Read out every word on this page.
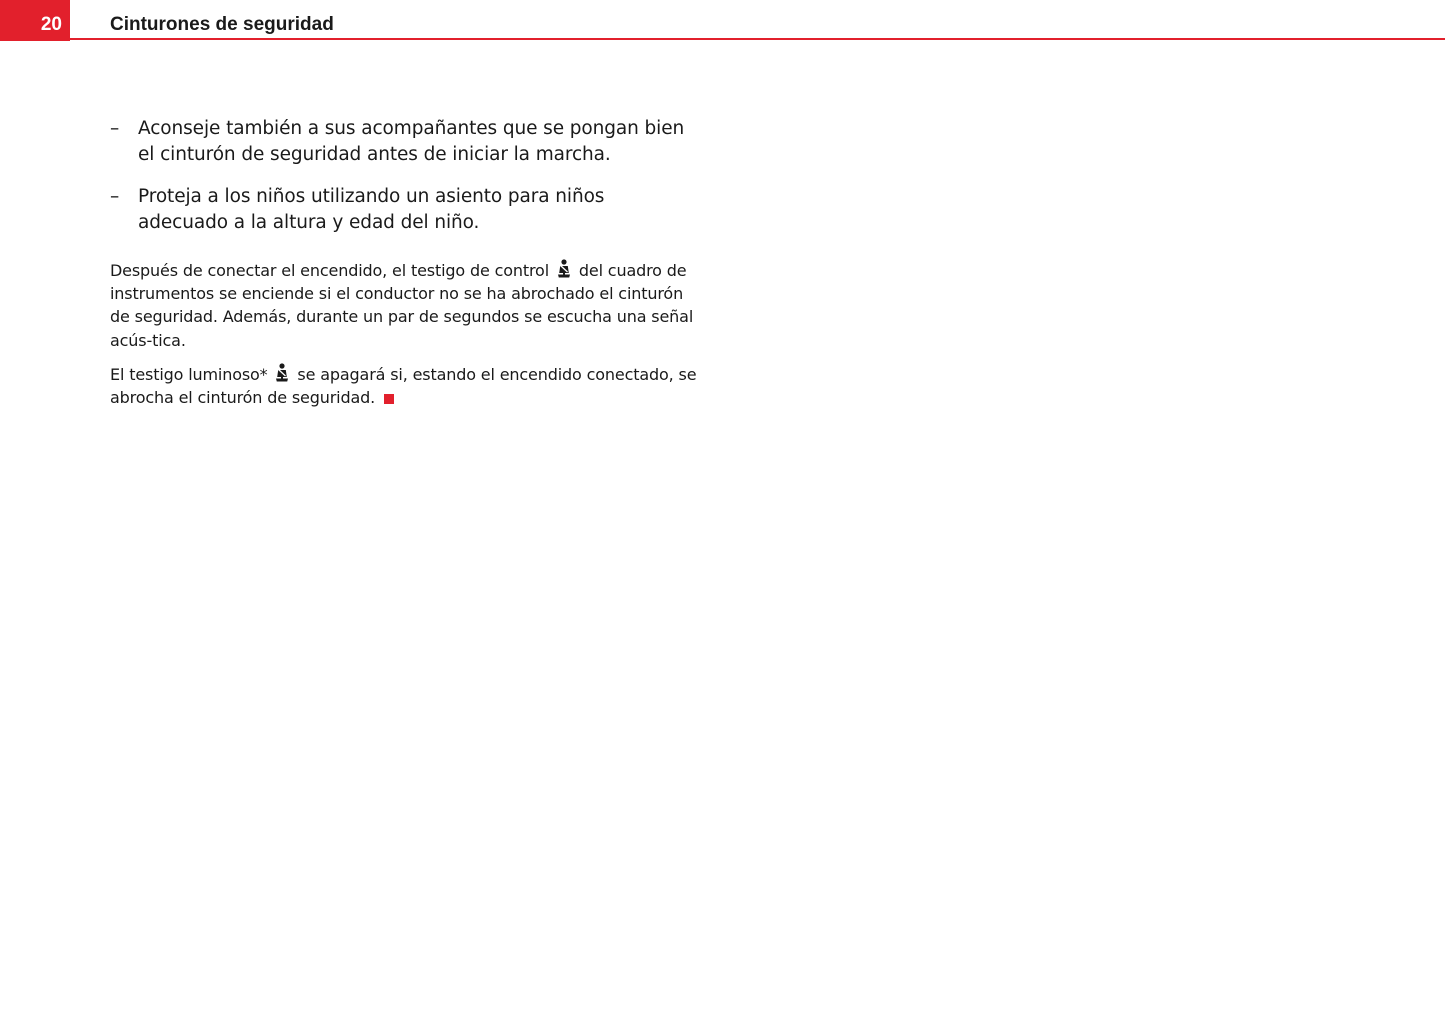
20	Cinturones de seguridad
– Aconseje también a sus acompañantes que se pongan bien el cinturón de seguridad antes de iniciar la marcha.
– Proteja a los niños utilizando un asiento para niños adecuado a la altura y edad del niño.

Después de conectar el encendido, el testigo de control del cuadro de instrumentos se enciende si el conductor no se ha abrochado el cinturón de seguridad. Además, durante un par de segundos se escucha una señal acús-tica.

El testigo luminoso* se apagará si, estando el encendido conectado, se abrocha el cinturón de seguridad.
